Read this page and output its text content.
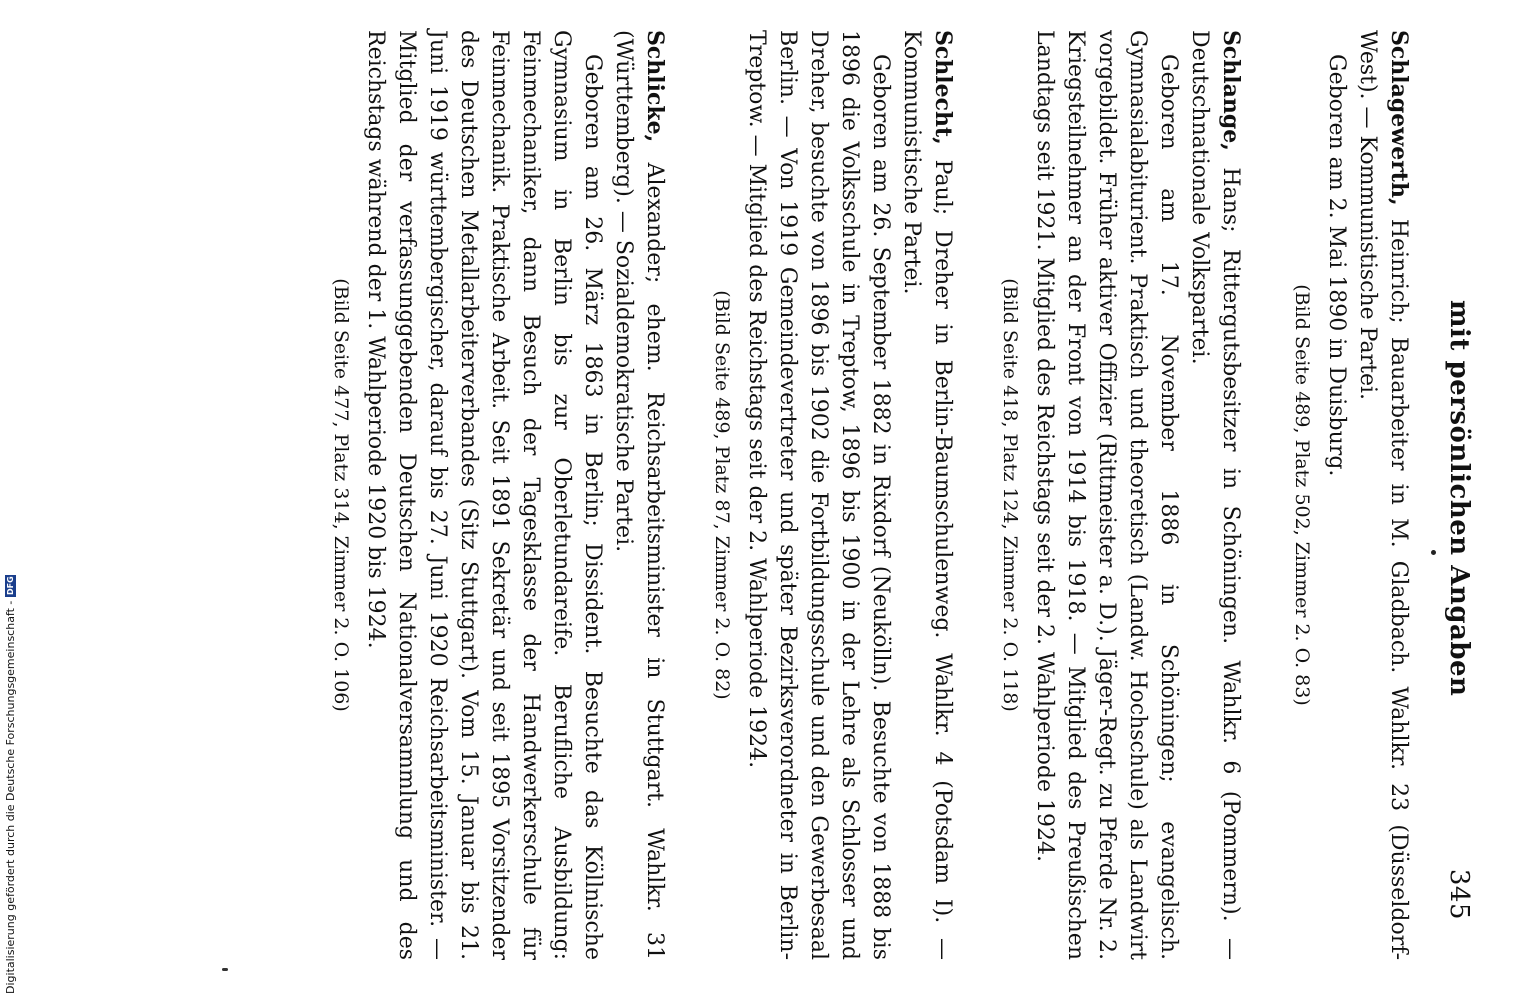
mit persönlichen Angaben
345

Schlagewerth, Heinrich; Bauarbeiter in M. Gladbach. Wahlkr. 23 (Düsseldorf-West). — Kommunistische Partei.

Geboren am 2. Mai 1890 in Duisburg.

(Bild Seite 489, Platz 502, Zimmer 2. O. 83)

Schlange, Hans; Rittergutsbesitzer in Schöningen. Wahlkr. 6 (Pommern). — Deutschnationale Volkspartei.

Geboren am 17. November 1886 in Schöningen; evangelisch. Gymnasialabiturient. Praktisch und theoretisch (Landw. Hochschule) als Landwirt vorgebildet. Früher aktiver Offizier (Rittmeister a. D.). Jäger-Regt. zu Pferde Nr. 2. Kriegsteilnehmer an der Front von 1914 bis 1918. — Mitglied des Preußischen Landtags seit 1921. Mitglied des Reichstags seit der 2. Wahlperiode 1924.

(Bild Seite 418, Platz 124, Zimmer 2. O. 118)

Schlecht, Paul; Dreher in Berlin-Baumschulenweg. Wahlkr. 4 (Potsdam I). — Kommunistische Partei.

Geboren am 26. September 1882 in Rixdorf (Neukölln). Besuchte von 1888 bis 1896 die Volksschule in Treptow, 1896 bis 1900 in der Lehre als Schlosser und Dreher, besuchte von 1896 bis 1902 die Fortbildungsschule und den Gewerbesaal Berlin. — Von 1919 Gemeindevertreter und später Bezirksverordneter in Berlin-Treptow. — Mitglied des Reichstags seit der 2. Wahlperiode 1924.

(Bild Seite 489, Platz 87, Zimmer 2. O. 82)

Schlicke, Alexander; ehem. Reichsarbeitsminister in Stuttgart. Wahlkr. 31 (Württemberg). — Sozialdemokratische Partei.

Geboren am 26. März 1863 in Berlin; Dissident. Besuchte das Köllnische Gymnasium in Berlin bis zur Oberletundareife. Berufliche Ausbildung: Feinmechaniker, dann Besuch der Tagesklasse der Handwerkerschule für Feinmechanik. Praktische Arbeit. Seit 1891 Sekretär und seit 1895 Vorsitzender des Deutschen Metallarbeiterverbandes (Sitz Stuttgart). Vom 15. Januar bis 21. Juni 1919 württembergischer, darauf bis 27. Juni 1920 Reichsarbeitsminister. — Mitglied der verfassunggebenden Deutschen Nationalversammlung und des Reichstags während der 1. Wahlperiode 1920 bis 1924.

(Bild Seite 477, Platz 314, Zimmer 2. O. 106)

Digitalisierung gefördert durch die Deutsche Forschungsgemeinschaft -
DFG
